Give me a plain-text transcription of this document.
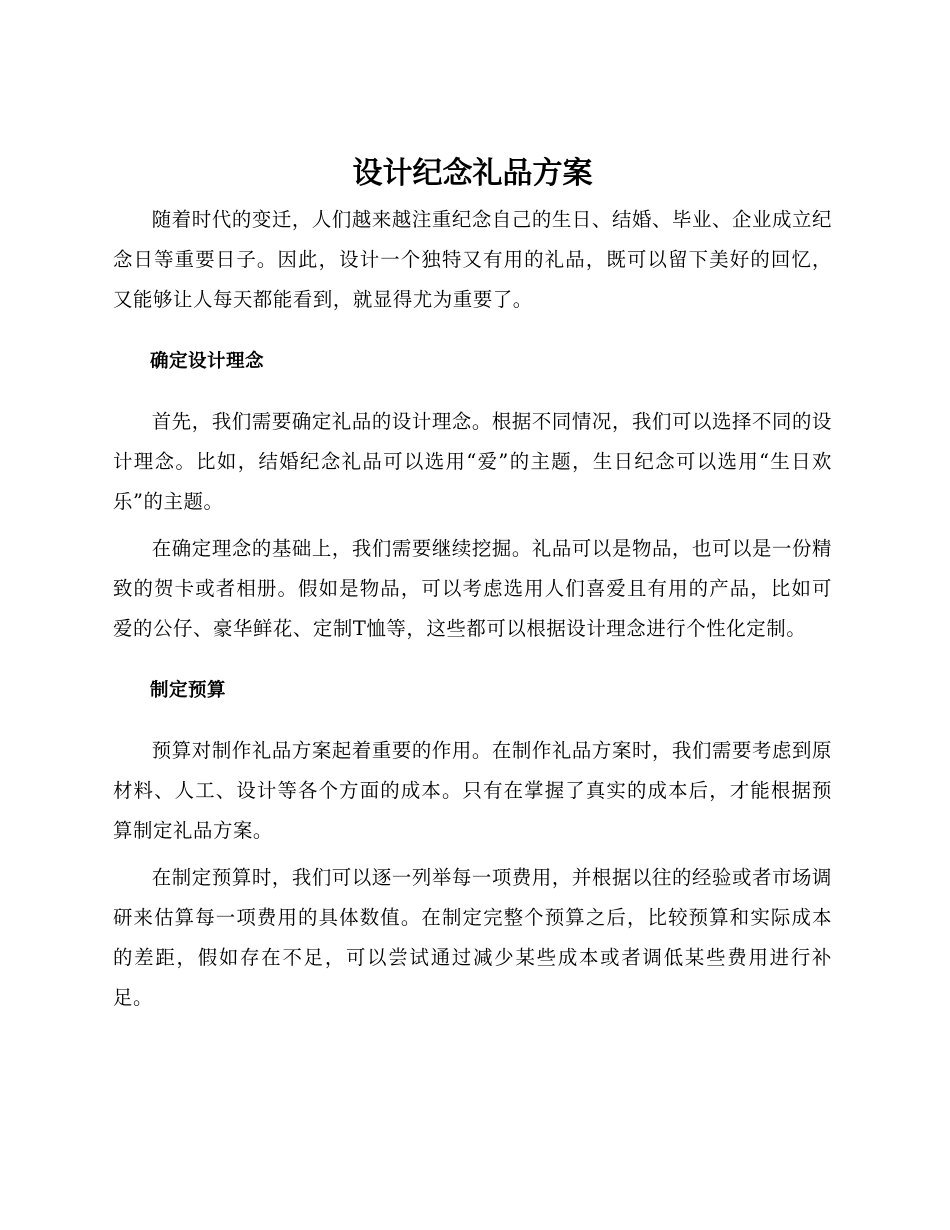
设计纪念礼品方案

随着时代的变迁，人们越来越注重纪念自己的生日、结婚、毕业、企业成立纪念日等重要日子。因此，设计一个独特又有用的礼品，既可以留下美好的回忆，又能够让人每天都能看到，就显得尤为重要了。

确定设计理念

首先，我们需要确定礼品的设计理念。根据不同情况，我们可以选择不同的设计理念。比如，结婚纪念礼品可以选用“爱”的主题，生日纪念可以选用“生日欢乐”的主题。

在确定理念的基础上，我们需要继续挖掘。礼品可以是物品，也可以是一份精致的贺卡或者相册。假如是物品，可以考虑选用人们喜爱且有用的产品，比如可爱的公仔、豪华鲜花、定制T恤等，这些都可以根据设计理念进行个性化定制。

制定预算

预算对制作礼品方案起着重要的作用。在制作礼品方案时，我们需要考虑到原材料、人工、设计等各个方面的成本。只有在掌握了真实的成本后，才能根据预算制定礼品方案。

在制定预算时，我们可以逐一列举每一项费用，并根据以往的经验或者市场调研来估算每一项费用的具体数值。在制定完整个预算之后，比较预算和实际成本的差距，假如存在不足，可以尝试通过减少某些成本或者调低某些费用进行补足。
